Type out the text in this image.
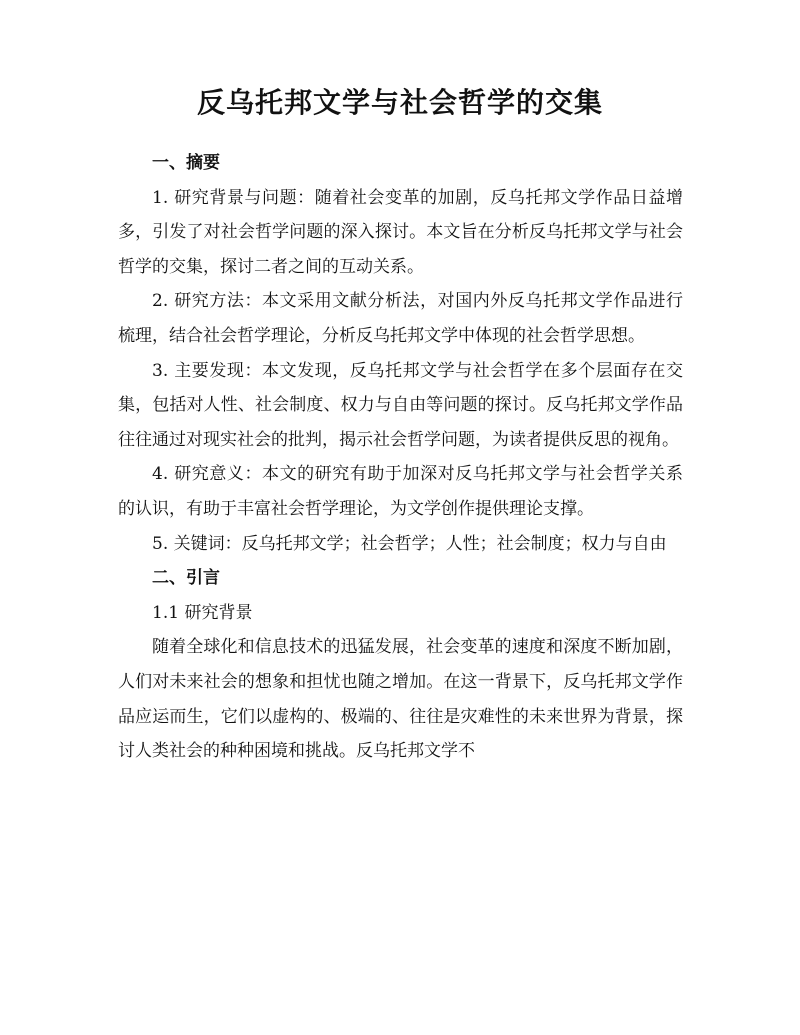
反乌托邦文学与社会哲学的交集

一、摘要

1. 研究背景与问题：随着社会变革的加剧，反乌托邦文学作品日益增多，引发了对社会哲学问题的深入探讨。本文旨在分析反乌托邦文学与社会哲学的交集，探讨二者之间的互动关系。

2. 研究方法：本文采用文献分析法，对国内外反乌托邦文学作品进行梳理，结合社会哲学理论，分析反乌托邦文学中体现的社会哲学思想。

3. 主要发现：本文发现，反乌托邦文学与社会哲学在多个层面存在交集，包括对人性、社会制度、权力与自由等问题的探讨。反乌托邦文学作品往往通过对现实社会的批判，揭示社会哲学问题，为读者提供反思的视角。

4. 研究意义：本文的研究有助于加深对反乌托邦文学与社会哲学关系的认识，有助于丰富社会哲学理论，为文学创作提供理论支撑。

5. 关键词：反乌托邦文学；社会哲学；人性；社会制度；权力与自由

二、引言

1.1 研究背景

随着全球化和信息技术的迅猛发展，社会变革的速度和深度不断加剧，人们对未来社会的想象和担忧也随之增加。在这一背景下，反乌托邦文学作品应运而生，它们以虚构的、极端的、往往是灾难性的未来世界为背景，探讨人类社会的种种困境和挑战。反乌托邦文学不
